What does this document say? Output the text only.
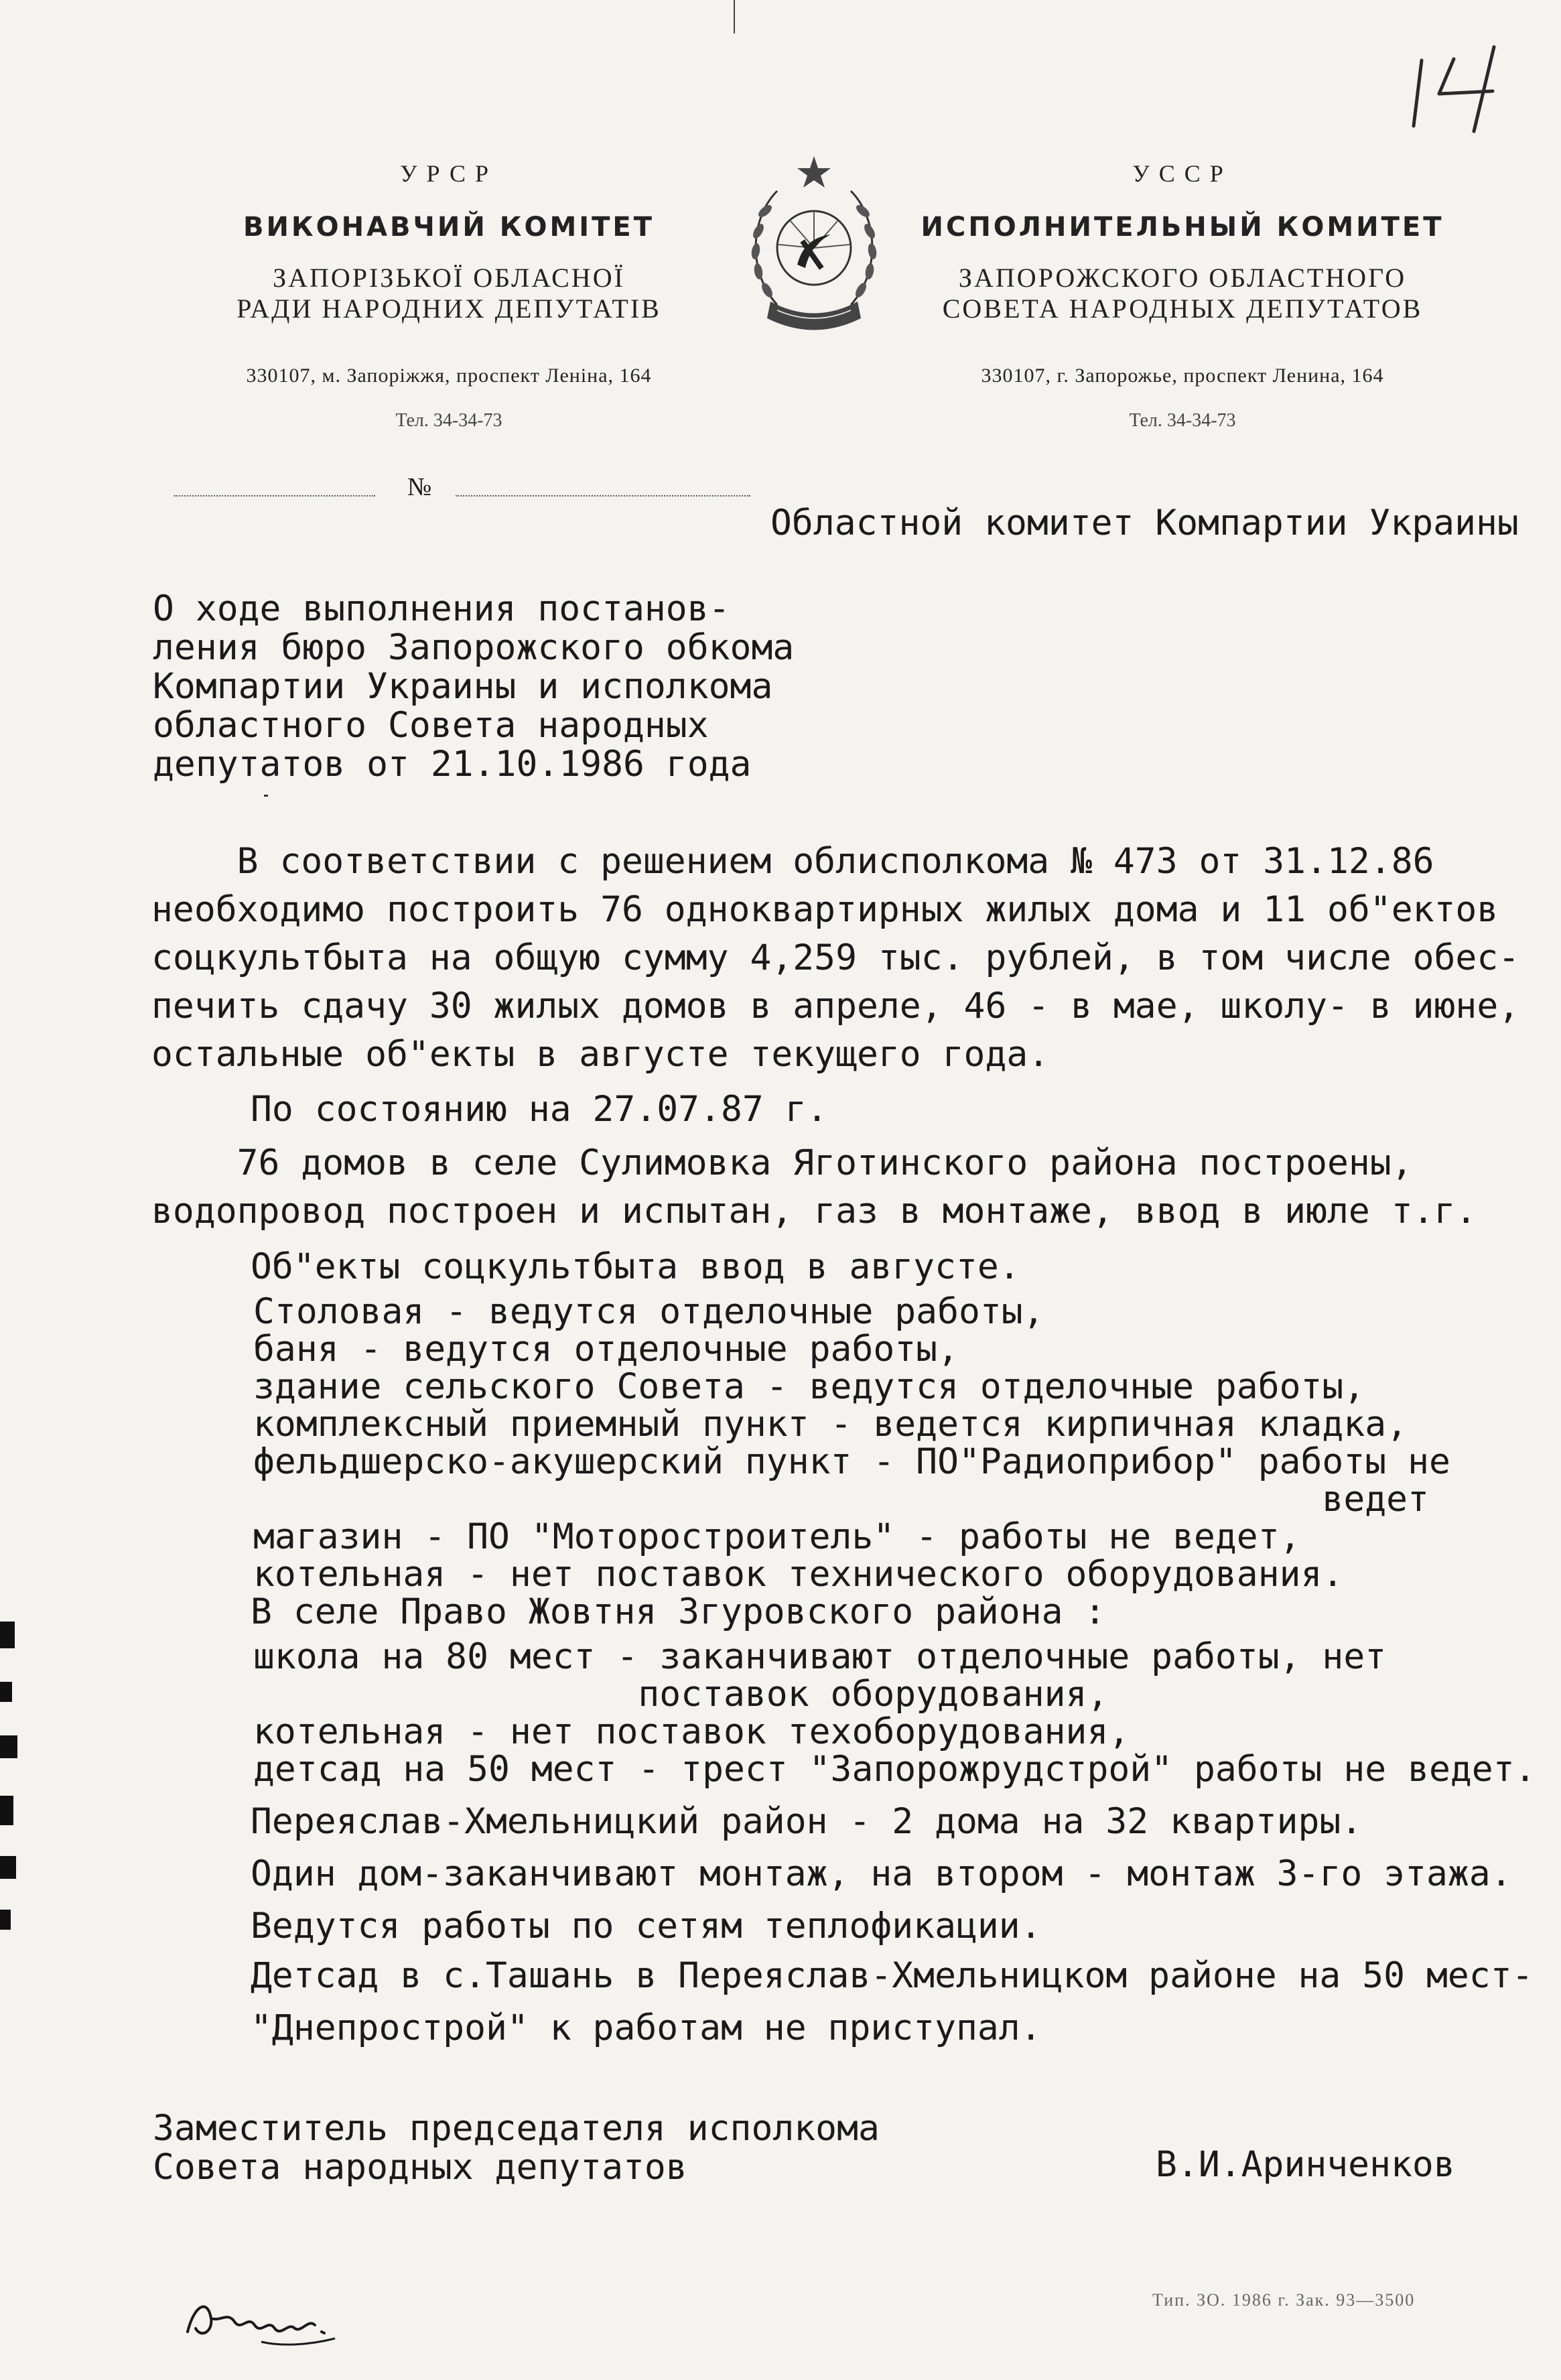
УРСР
ВИКОНАВЧИЙ КОМІТЕТ
ЗАПОРІЗЬКОЇ ОБЛАСНОЇ
РАДИ НАРОДНИХ ДЕПУТАТІВ
330107, м. Запоріжжя, проспект Леніна, 164
Тел. 34-34-73
УССР
ИСПОЛНИТЕЛЬНЫЙ КОМИТЕТ
ЗАПОРОЖСКОГО ОБЛАСТНОГО
СОВЕТА НАРОДНЫХ ДЕПУТАТОВ
330107, г. Запорожье, проспект Ленина, 164
Тел. 34-34-73
№
Областной комитет Компартии Украины
О ходе выполнения постанов-
ления бюро Запорожского обкома
Компартии Украины и исполкома
областного Совета народных
депутатов от 21.10.1986 года
В соответствии с решением облисполкома № 473 от 31.12.86
необходимо построить 76 одноквартирных жилых дома и 11 об"ектов
соцкультбыта на общую сумму 4,259 тыс. рублей, в том числе обес-
печить сдачу 30 жилых домов в апреле, 46 - в мае, школу- в июне,
остальные об"екты в августе текущего года.
По состоянию на 27.07.87 г.
76 домов в селе Сулимовка Яготинского района построены,
водопровод построен и испытан, газ в монтаже, ввод в июле т.г.
Об"екты соцкультбыта ввод в августе.
Столовая - ведутся отделочные работы,
баня - ведутся отделочные работы,
здание сельского Совета - ведутся отделочные работы,
комплексный приемный пункт - ведется кирпичная кладка,
фельдшерско-акушерский пункт - ПО"Радиоприбор" работы не
ведет
магазин - ПО "Моторостроитель" - работы не ведет,
котельная - нет поставок технического оборудования.
В селе Право Жовтня Згуровского района :
школа на 80 мест - заканчивают отделочные работы, нет
поставок оборудования,
котельная - нет поставок техоборудования,
детсад на 50 мест - трест "Запорожрудстрой" работы не ведет.
Переяслав-Хмельницкий район - 2 дома на 32 квартиры.
Один дом-заканчивают монтаж, на втором - монтаж 3-го этажа.
Ведутся работы по сетям теплофикации.
Детсад в с.Ташань в Переяслав-Хмельницком районе на 50 мест-
"Днепрострой" к работам не приступал.
Заместитель председателя исполкома
Совета народных депутатов	В.И.Аринченков
Тип. ЗО. 1986 г. Зак. 93—3500
